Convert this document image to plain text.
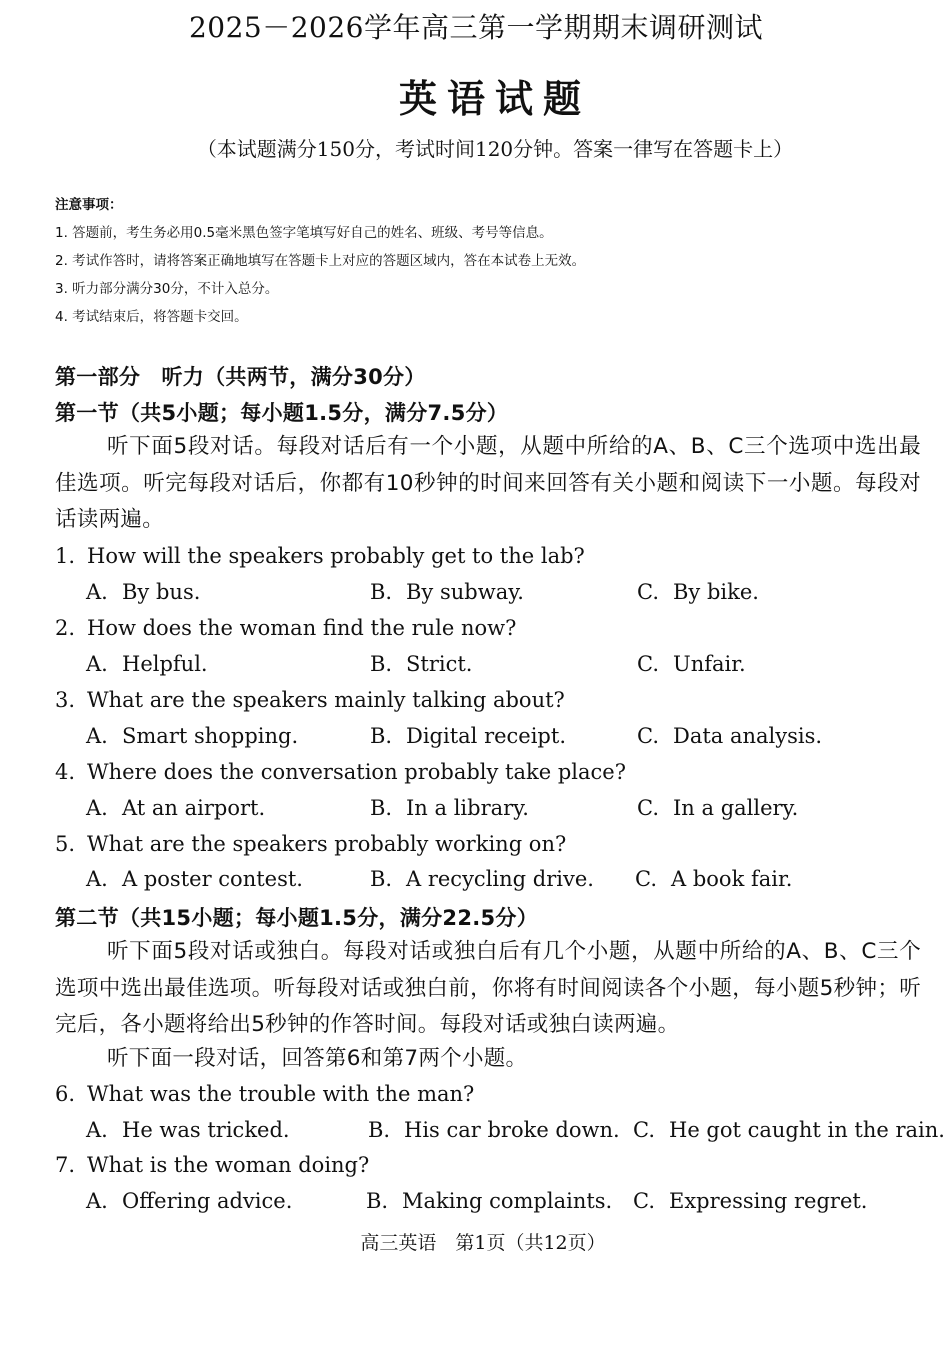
2025－2026学年高三第一学期期末调研测试
英语试题
（本试题满分150分，考试时间120分钟。答案一律写在答题卡上）
注意事项：
1. 答题前，考生务必用0.5毫米黑色签字笔填写好自己的姓名、班级、考号等信息。
2. 考试作答时，请将答案正确地填写在答题卡上对应的答题区域内，答在本试卷上无效。
3. 听力部分满分30分，不计入总分。
4. 考试结束后，将答题卡交回。
第一部分　听力（共两节，满分30分）
第一节（共5小题；每小题1.5分，满分7.5分）
听下面5段对话。每段对话后有一个小题，从题中所给的A、B、C三个选项中选出最佳选项。听完每段对话后，你都有10秒钟的时间来回答有关小题和阅读下一小题。每段对话读两遍。
1. How will the speakers probably get to the lab?
A. By bus.	B. By subway.	C. By bike.
2. How does the woman find the rule now?
A. Helpful.	B. Strict.	C. Unfair.
3. What are the speakers mainly talking about?
A. Smart shopping.	B. Digital receipt.	C. Data analysis.
4. Where does the conversation probably take place?
A. At an airport.	B. In a library.	C. In a gallery.
5. What are the speakers probably working on?
A. A poster contest.	B. A recycling drive. C. A book fair.
第二节（共15小题；每小题1.5分，满分22.5分）
听下面5段对话或独白。每段对话或独白后有几个小题，从题中所给的A、B、C三个选项中选出最佳选项。听每段对话或独白前，你将有时间阅读各个小题，每小题5秒钟；听完后，各小题将给出5秒钟的作答时间。每段对话或独白读两遍。
听下面一段对话，回答第6和第7两个小题。
6. What was the trouble with the man?
A. He was tricked.	B. His car broke down. C. He got caught in the rain.
7. What is the woman doing?
A. Offering advice.	B. Making complaints. C. Expressing regret.
高三英语　第1页（共12页）
